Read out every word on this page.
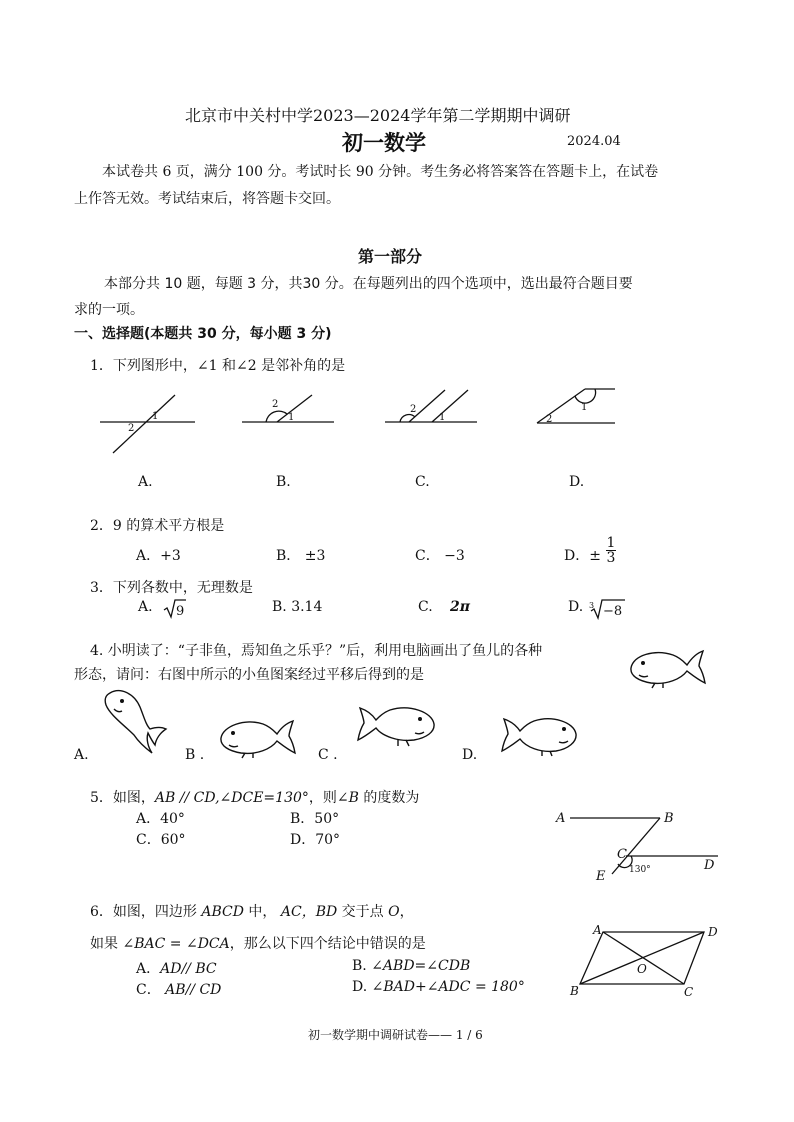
北京市中关村中学2023—2024学年第二学期期中调研
初一数学	2024.04
本试卷共 6 页，满分 100 分。考试时长 90 分钟。考生务必将答案答在答题卡上，在试卷
上作答无效。考试结束后，将答题卡交回。
第一部分
本部分共 10 题，每题 3 分，共30 分。在每题列出的四个选项中，选出最符合题目要
求的一项。
一、选择题(本题共 30 分，每小题 3 分)
1．下列图形中，∠1 和∠2 是邻补角的是
1
2
2
1
2
1
1
2
A.	B.	C.	D.
2．9 的算术平方根是
A．+3	B． ±3	C． −3	D．± $\frac{1}{3}$
3．下列各数中，无理数是
A. 9	B. 3.14	C. 2π	D. 3 −8
4. 小明读了：“子非鱼，焉知鱼之乐乎？”后，利用电脑画出了鱼儿的各种
形态，请问：右图中所示的小鱼图案经过平移后得到的是
A.	B .	C .	D.
5．如图，AB // CD,∠DCE=130°，则∠B 的度数为
A．40°	B．50°
C．60°	D．70°
A	B
C
D
E	130°
6．如图，四边形 ABCD 中， AC，BD 交于点 O，
如果 ∠BAC = ∠DCA，那么以下四个结论中错误的是
A．AD// BC	B. ∠ABD=∠CDB
C． AB// CD	D. ∠BAD+∠ADC = 180°
A
B	C
D
O
初一数学期中调研试卷—— 1 / 6
